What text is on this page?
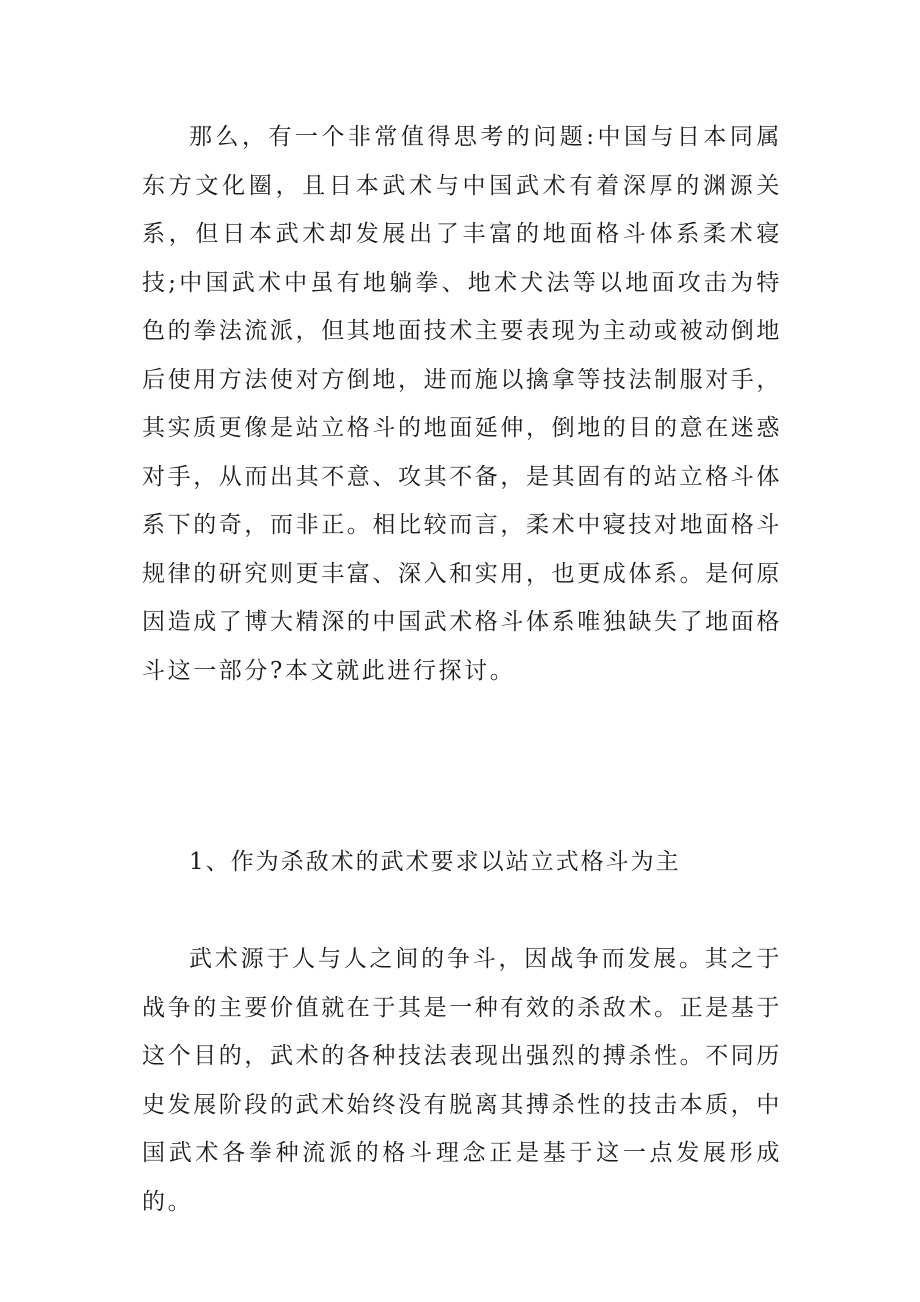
那么，有一个非常值得思考的问题:中国与日本同属东方文化圈，且日本武术与中国武术有着深厚的渊源关系，但日本武术却发展出了丰富的地面格斗体系柔术寝技;中国武术中虽有地躺拳、地术犬法等以地面攻击为特色的拳法流派，但其地面技术主要表现为主动或被动倒地后使用方法使对方倒地，进而施以擒拿等技法制服对手，其实质更像是站立格斗的地面延伸，倒地的目的意在迷惑对手，从而出其不意、攻其不备，是其固有的站立格斗体系下的奇，而非正。相比较而言，柔术中寝技对地面格斗规律的研究则更丰富、深入和实用，也更成体系。是何原因造成了博大精深的中国武术格斗体系唯独缺失了地面格斗这一部分?本文就此进行探讨。

1、作为杀敌术的武术要求以站立式格斗为主

武术源于人与人之间的争斗，因战争而发展。其之于战争的主要价值就在于其是一种有效的杀敌术。正是基于这个目的，武术的各种技法表现出强烈的搏杀性。不同历史发展阶段的武术始终没有脱离其搏杀性的技击本质，中国武术各拳种流派的格斗理念正是基于这一点发展形成的。
